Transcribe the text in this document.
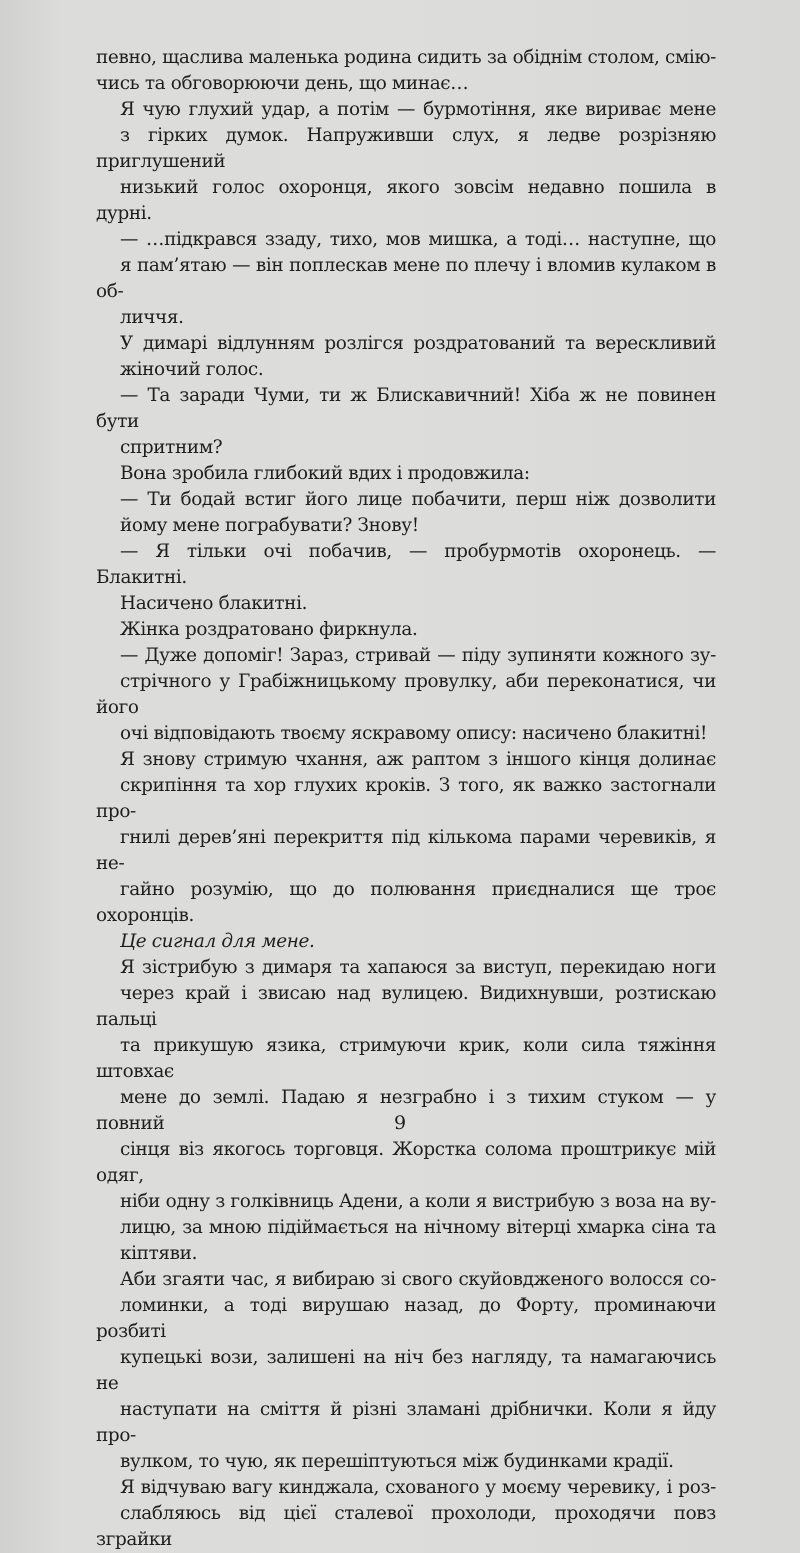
певно, щаслива маленька родина сидить за обіднім столом, смію-
чись та обговорюючи день, що минає…

Я чую глухий удар, а потім — бурмотіння, яке вириває мене
з гірких думок. Напруживши слух, я ледве розрізняю приглушений
низький голос охоронця, якого зовсім недавно пошила в дурні.

— …підкрався ззаду, тихо, мов мишка, а тоді… наступне, що
я пам’ятаю — він поплескав мене по плечу і вломив кулаком в об-
личчя.

У димарі відлунням розлігся роздратований та верескливий
жіночий голос.

— Та заради Чуми, ти ж Блискавичний! Хіба ж не повинен бути
спритним?

Вона зробила глибокий вдих і продовжила:

— Ти бодай встиг його лице побачити, перш ніж дозволити
йому мене пограбувати? Знову!

— Я тільки очі побачив, — пробурмотів охоронець. — Блакитні.
Насичено блакитні.

Жінка роздратовано фиркнула.

— Дуже допоміг! Зараз, стривай — піду зупиняти кожного зу-
стрічного у Грабіжницькому провулку, аби переконатися, чи його
очі відповідають твоєму яскравому опису: насичено блакитні!

Я знову стримую чхання, аж раптом з іншого кінця долинає
скрипіння та хор глухих кроків. З того, як важко застогнали про-
гнилі дерев’яні перекриття під кількома парами черевиків, я не-
гайно розумію, що до полювання приєдналися ще троє охоронців.

Це сигнал для мене.

Я зістрибую з димаря та хапаюся за виступ, перекидаю ноги
через край і звисаю над вулицею. Видихнувши, розтискаю пальці
та прикушую язика, стримуючи крик, коли сила тяжіння штовхає
мене до землі. Падаю я незграбно і з тихим стуком — у повний
сінця віз якогось торговця. Жорстка солома проштрикує мій одяг,
ніби одну з голківниць Адени, а коли я вистрибую з воза на ву-
лицю, за мною підіймається на нічному вітерці хмарка сіна та
кіптяви.

Аби згаяти час, я вибираю зі свого скуйовдженого волосся со-
ломинки, а тоді вирушаю назад, до Форту, проминаючи розбиті
купецькі вози, залишені на ніч без нагляду, та намагаючись не
наступати на сміття й різні зламані дрібнички. Коли я йду про-
вулком, то чую, як перешіптуються між будинками крадії.

Я відчуваю вагу кинджала, схованого у моєму черевику, і роз-
слабляюсь від цієї сталевої прохолоди, проходячи повз зграйки

9
